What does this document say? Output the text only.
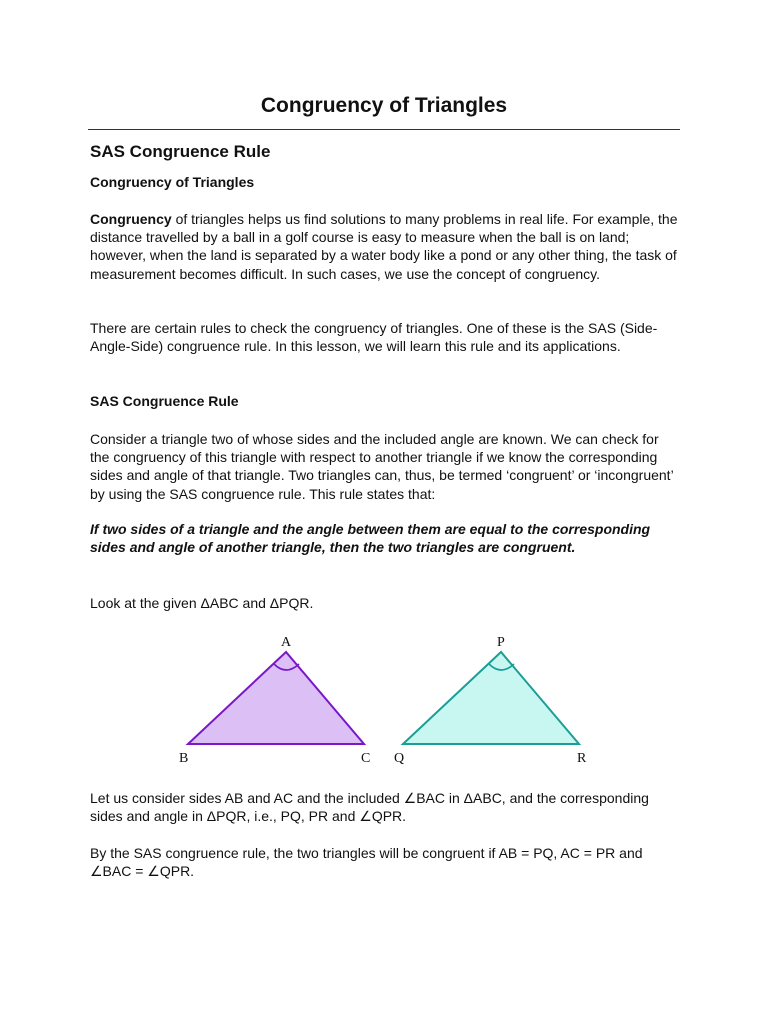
Congruency of Triangles
SAS Congruence Rule
Congruency of Triangles

Congruency of triangles helps us find solutions to many problems in real life. For example, the distance travelled by a ball in a golf course is easy to measure when the ball is on land; however, when the land is separated by a water body like a pond or any other thing, the task of measurement becomes difficult. In such cases, we use the concept of congruency.

There are certain rules to check the congruency of triangles. One of these is the SAS (Side-Angle-Side) congruence rule. In this lesson, we will learn this rule and its applications.

SAS Congruence Rule

Consider a triangle two of whose sides and the included angle are known. We can check for the congruency of this triangle with respect to another triangle if we know the corresponding sides and angle of that triangle. Two triangles can, thus, be termed ‘congruent’ or ‘incongruent’ by using the SAS congruence rule. This rule states that:

If two sides of a triangle and the angle between them are equal to the corresponding sides and angle of another triangle, then the two triangles are congruent.

Look at the given ΔABC and ΔPQR.

A
B	C
P
Q	R

Let us consider sides AB and AC and the included ∠BAC in ΔABC, and the corresponding sides and angle in ΔPQR, i.e., PQ, PR and ∠QPR.

By the SAS congruence rule, the two triangles will be congruent if AB = PQ, AC = PR and ∠BAC = ∠QPR.
